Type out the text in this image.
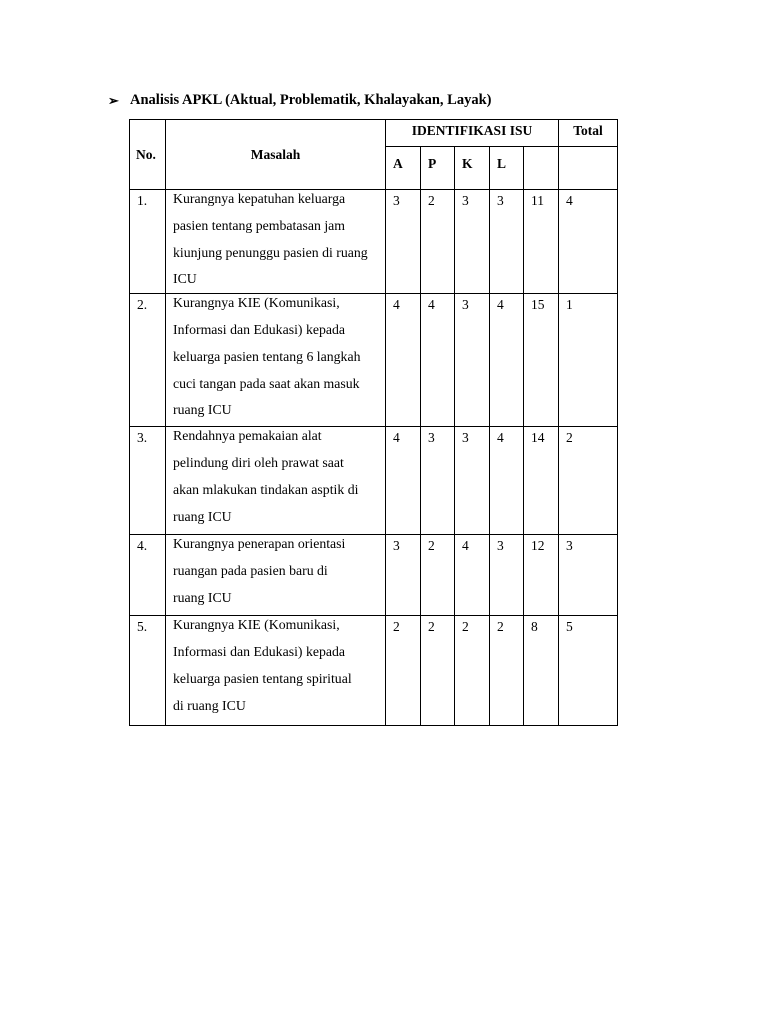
➢ Analisis APKL (Aktual, Problematik, Khalayakan, Layak)
No.	Masalah	IDENTIFIKASI ISU					Total
		A	P	K	L		
1.	Kurangnya kepatuhan keluarga
pasien tentang pembatasan jam
kiunjung penunggu pasien di ruang
ICU	3	2	3	3	11	4
2.	Kurangnya KIE (Komunikasi,
Informasi dan Edukasi) kepada
keluarga pasien tentang 6 langkah
cuci tangan pada saat akan masuk
ruang ICU	4	4	3	4	15	1
3.	Rendahnya pemakaian alat
pelindung diri oleh prawat saat
akan mlakukan tindakan asptik di
ruang ICU	4	3	3	4	14	2
4.	Kurangnya penerapan orientasi
ruangan pada pasien baru di
ruang ICU	3	2	4	3	12	3
5.	Kurangnya KIE (Komunikasi,
Informasi dan Edukasi) kepada
keluarga pasien tentang spiritual
di ruang ICU	2	2	2	2	8	5
